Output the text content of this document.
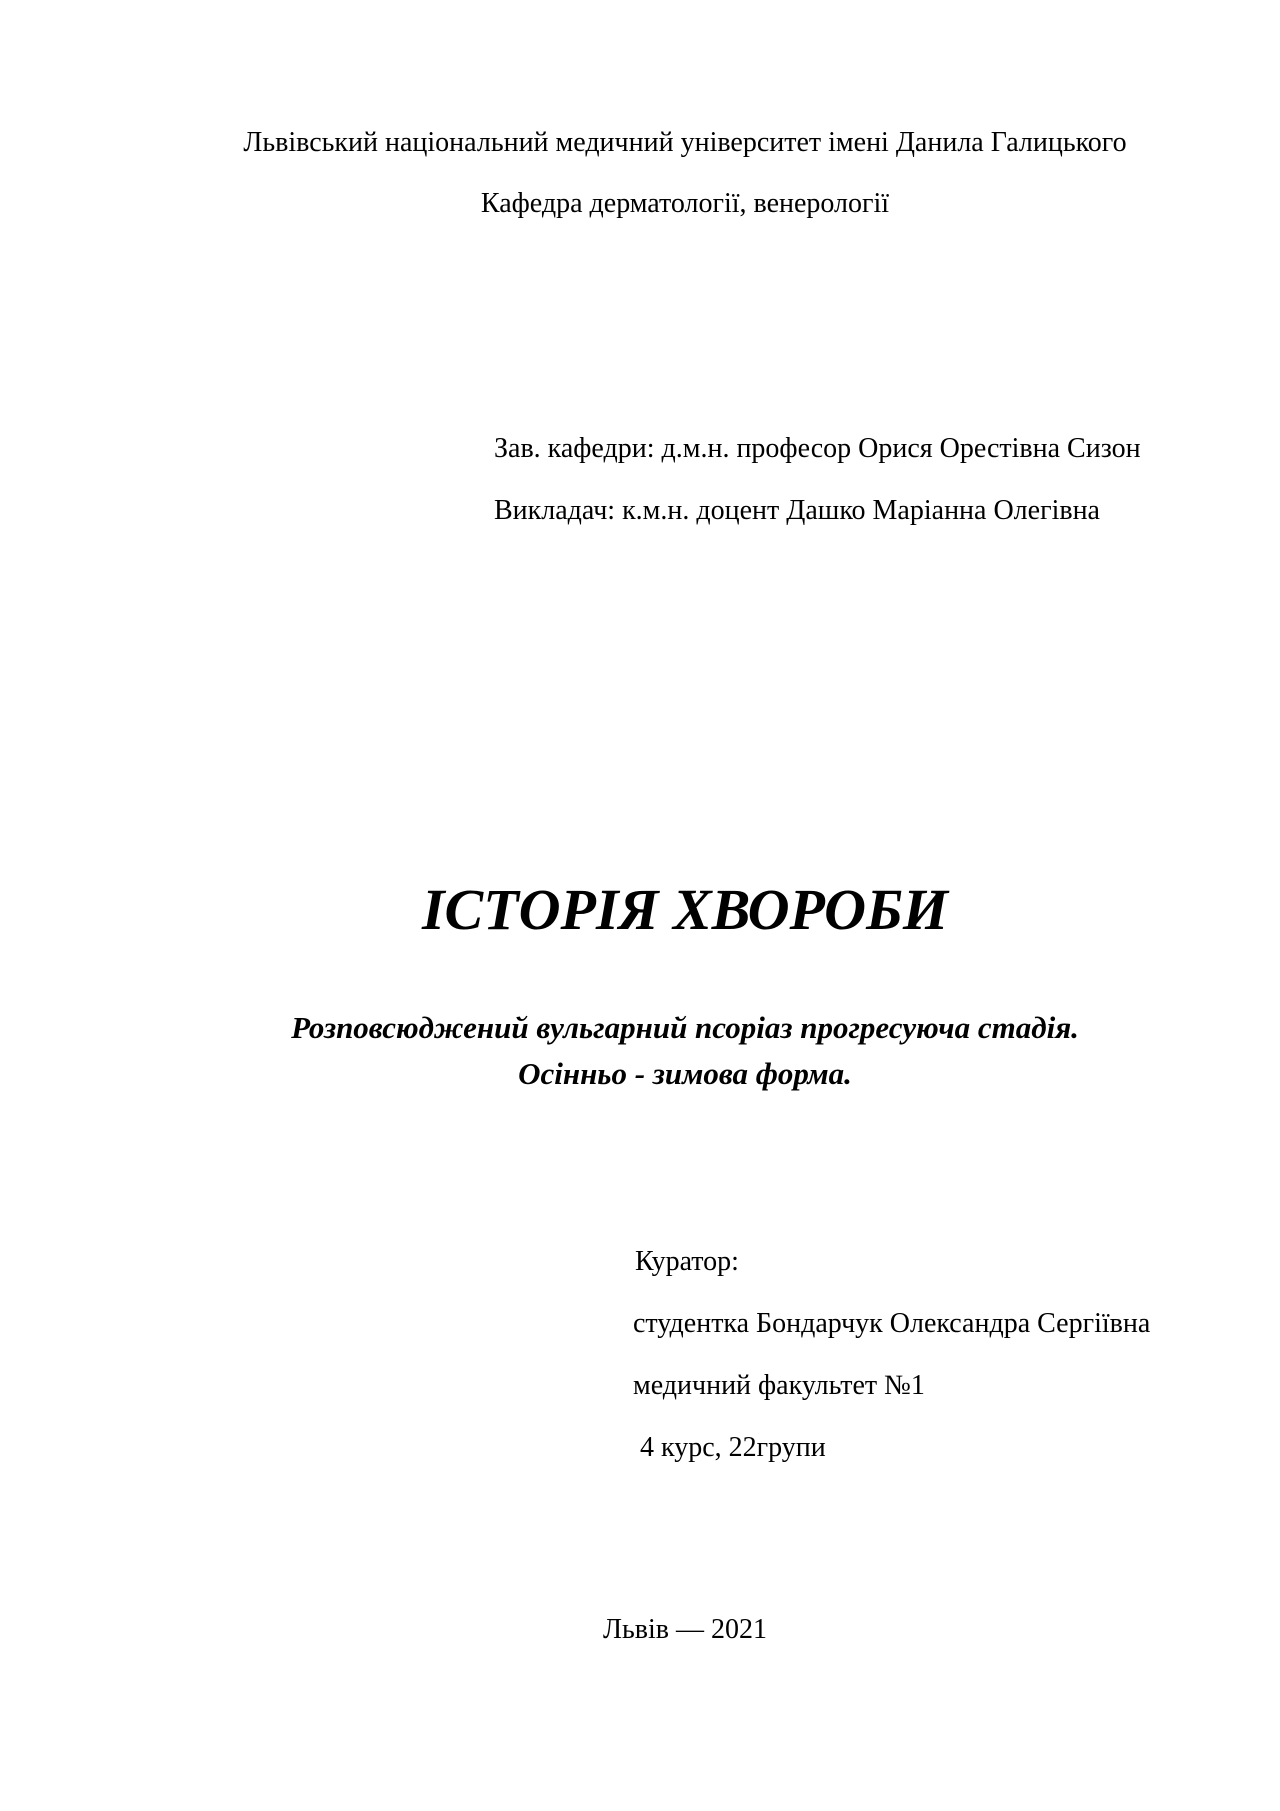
Львівський національний медичний університет імені Данила Галицького
Кафедра дерматології, венерології
Зав. кафедри: д.м.н. професор Орися Орестівна Сизон
Викладач: к.м.н. доцент Дашко Маріанна Олегівна
ІСТОРІЯ ХВОРОБИ
Розповсюджений вульгарний псоріаз прогресуюча стадія.
Осінньо - зимова форма.
Куратор:
студентка Бондарчук Олександра Сергіївна
медичний факультет №1
4 курс, 22групи
Львів — 2021
